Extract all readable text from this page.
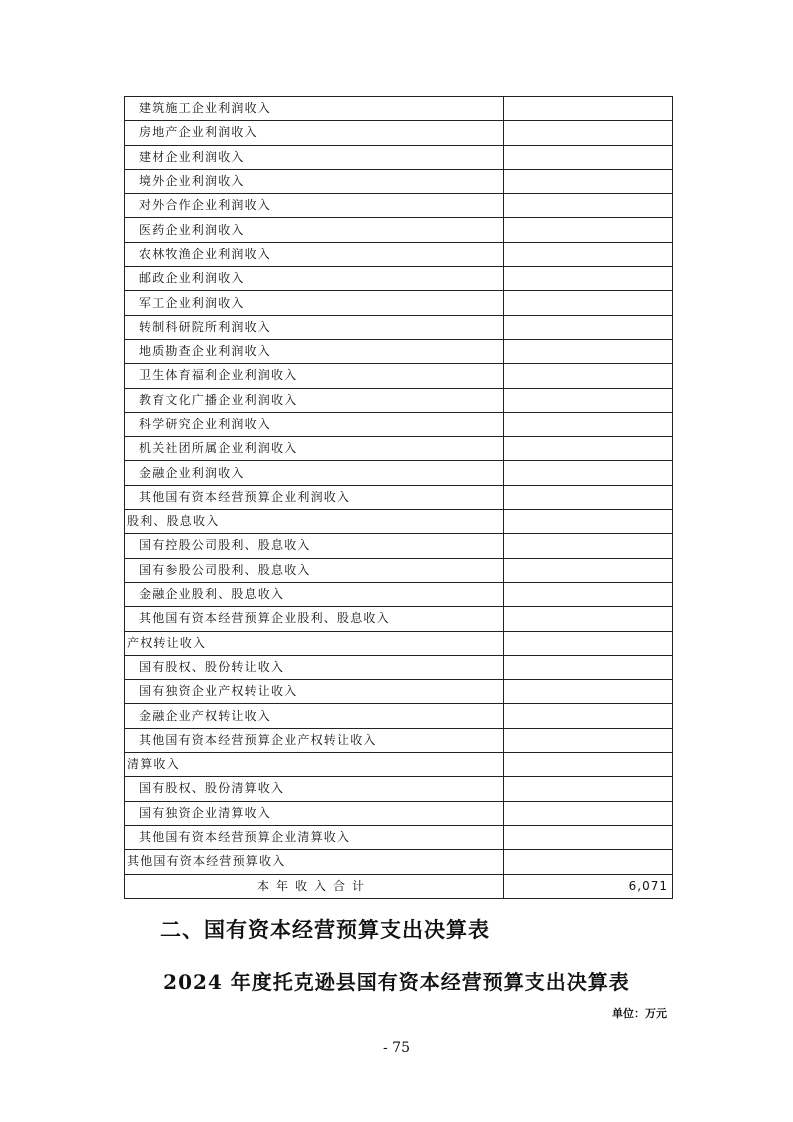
建筑施工企业利润收入	
房地产企业利润收入	
建材企业利润收入	
境外企业利润收入	
对外合作企业利润收入	
医药企业利润收入	
农林牧渔企业利润收入	
邮政企业利润收入	
军工企业利润收入	
转制科研院所利润收入	
地质勘查企业利润收入	
卫生体育福利企业利润收入	
教育文化广播企业利润收入	
科学研究企业利润收入	
机关社团所属企业利润收入	
金融企业利润收入	
其他国有资本经营预算企业利润收入	
股利、股息收入	
国有控股公司股利、股息收入	
国有参股公司股利、股息收入	
金融企业股利、股息收入	
其他国有资本经营预算企业股利、股息收入	
产权转让收入	
国有股权、股份转让收入	
国有独资企业产权转让收入	
金融企业产权转让收入	
其他国有资本经营预算企业产权转让收入	
清算收入	
国有股权、股份清算收入	
国有独资企业清算收入	
其他国有资本经营预算企业清算收入	
其他国有资本经营预算收入	
本年收入合计	6,071
二、国有资本经营预算支出决算表
2024 年度托克逊县国有资本经营预算支出决算表
单位：万元
- 75
